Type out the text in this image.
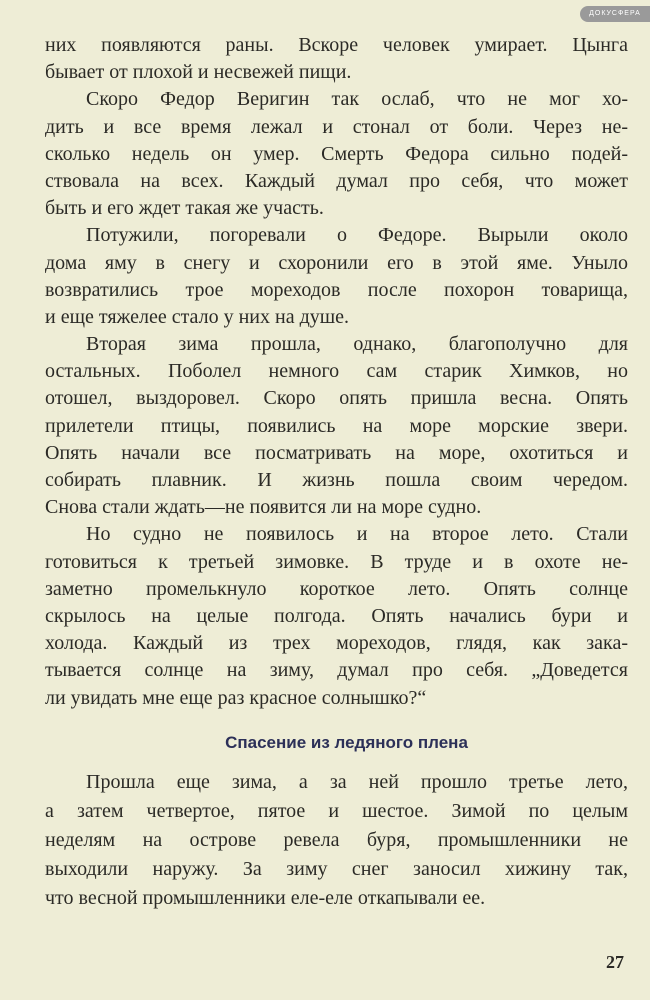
них появляются раны. Вскоре человек умирает. Цынга
бывает от плохой и несвежей пищи.
Скоро Федор Веригин так ослаб, что не мог хо-
дить и все время лежал и стонал от боли. Через не-
сколько недель он умер. Смерть Федора сильно подей-
ствовала на всех. Каждый думал про себя, что может
быть и его ждет такая же участь.
Потужили, погоревали о Федоре. Вырыли около
дома яму в снегу и схоронили его в этой яме. Уныло
возвратились трое мореходов после похорон товарища,
и еще тяжелее стало у них на душе.
Вторая зима прошла, однако, благополучно для
остальных. Поболел немного сам старик Химков, но
отошел, выздоровел. Скоро опять пришла весна. Опять
прилетели птицы, появились на море морские звери.
Опять начали все посматривать на море, охотиться и
собирать плавник. И жизнь пошла своим чередом.
Снова стали ждать—не появится ли на море судно.
Но судно не появилось и на второе лето. Стали
готовиться к третьей зимовке. В труде и в охоте не-
заметно промелькнуло короткое лето. Опять солнце
скрылось на целые полгода. Опять начались бури и
холода. Каждый из трех мореходов, глядя, как зака-
тывается солнце на зиму, думал про себя. „Доведется
ли увидать мне еще раз красное солнышко?“
Спасение из ледяного плена
Прошла еще зима, а за ней прошло третье лето,
а затем четвертое, пятое и шестое. Зимой по целым
неделям на острове ревела буря, промышленники не
выходили наружу. За зиму снег заносил хижину так,
что весной промышленники еле-еле откапывали ее.
27
ДОКУСФЕРА
